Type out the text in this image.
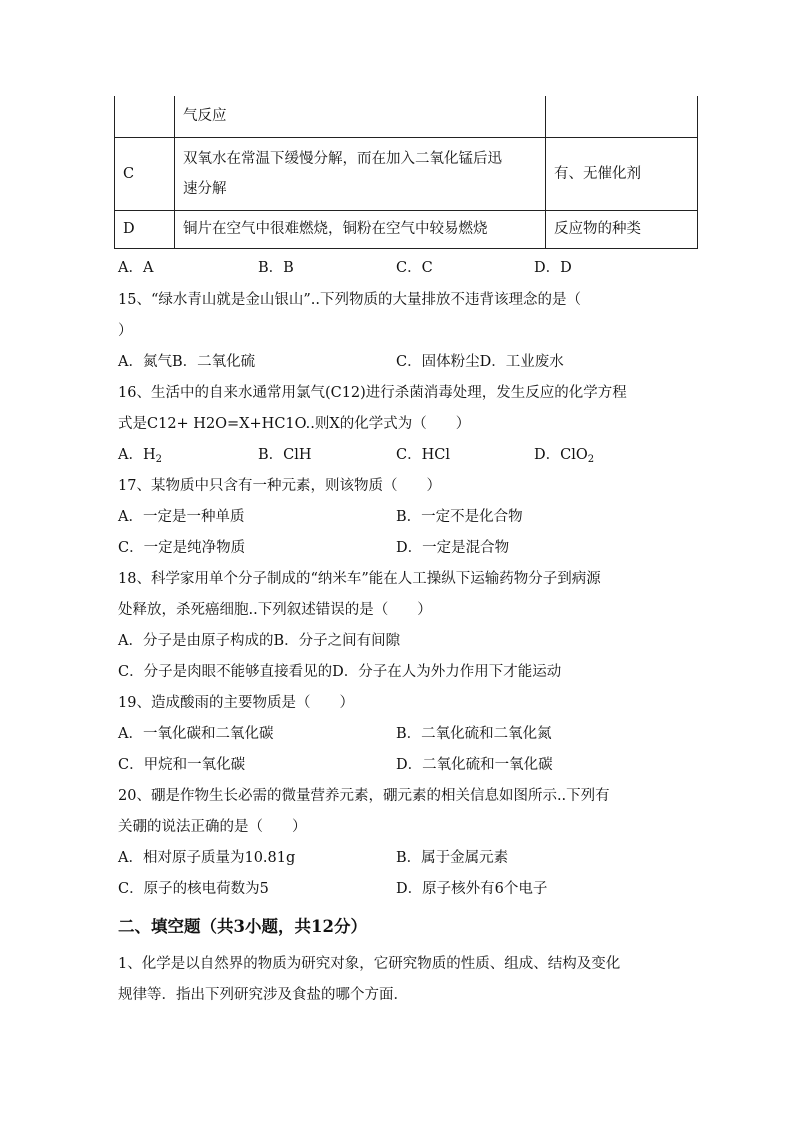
	气反应	
C	双氧水在常温下缓慢分解，而在加入二氧化锰后迅
速分解	有、无催化剂
D	铜片在空气中很难燃烧，铜粉在空气中较易燃烧	反应物的种类
A．A	B．B	C．C	D．D
15、“绿水青山就是金山银山”..下列物质的大量排放不违背该理念的是（
）
A．氮气B．二氧化硫	C．固体粉尘D．工业废水
16、生活中的自来水通常用氯气(C12)进行杀菌消毒处理，发生反应的化学方程
式是C12+ H2O=X+HC1O..则X的化学式为（　　）
A．$H_2$	B．ClH	C．HCl	D．ClO$_2$
17、某物质中只含有一种元素，则该物质（　　）
A．一定是一种单质	B．一定不是化合物
C．一定是纯净物质	D．一定是混合物
18、科学家用单个分子制成的“纳米车”能在人工操纵下运输药物分子到病源
处释放，杀死癌细胞..下列叙述错误的是（　　）
A．分子是由原子构成的B．分子之间有间隙
C．分子是肉眼不能够直接看见的D．分子在人为外力作用下才能运动
19、造成酸雨的主要物质是（　　）
A．一氧化碳和二氧化碳	B．二氧化硫和二氧化氮
C．甲烷和一氧化碳	D．二氧化硫和一氧化碳
20、硼是作物生长必需的微量营养元素，硼元素的相关信息如图所示..下列有
关硼的说法正确的是（　　）
A．相对原子质量为10.81g	B．属于金属元素
C．原子的核电荷数为5	D．原子核外有6个电子
二、填空题（共3小题，共12分）
1、化学是以自然界的物质为研究对象，它研究物质的性质、组成、结构及变化
规律等．指出下列研究涉及食盐的哪个方面．
